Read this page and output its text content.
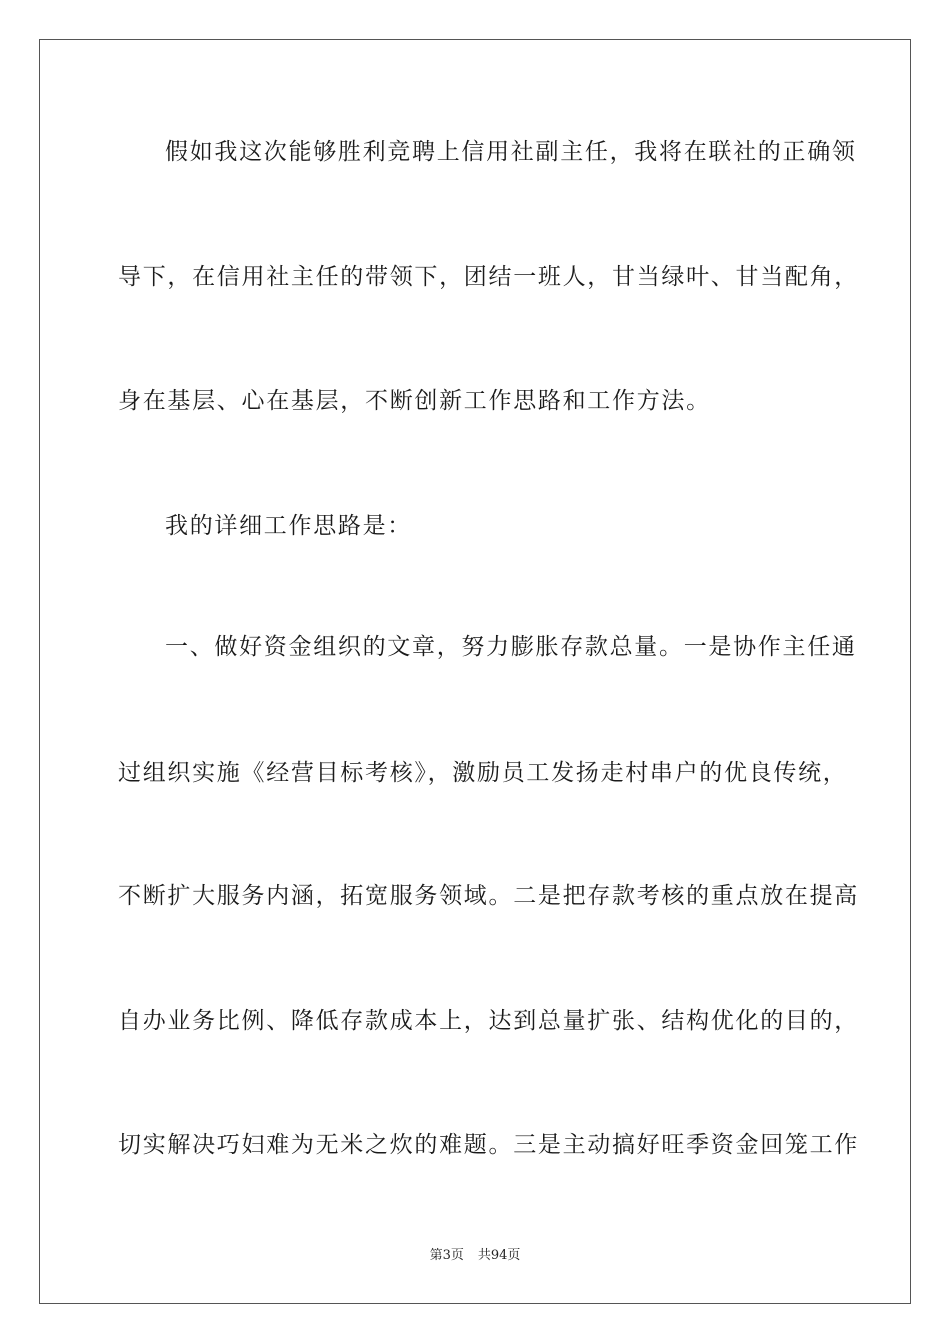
假如我这次能够胜利竞聘上信用社副主任，我将在联社的正确领
导下，在信用社主任的带领下，团结一班人，甘当绿叶、甘当配角，
身在基层、心在基层，不断创新工作思路和工作方法。
我的详细工作思路是：
一、做好资金组织的文章，努力膨胀存款总量。一是协作主任通
过组织实施《经营目标考核》，激励员工发扬走村串户的优良传统，
不断扩大服务内涵，拓宽服务领域。二是把存款考核的重点放在提高
自办业务比例、降低存款成本上，达到总量扩张、结构优化的目的，
切实解决巧妇难为无米之炊的难题。三是主动搞好旺季资金回笼工作
第3页 共94页
